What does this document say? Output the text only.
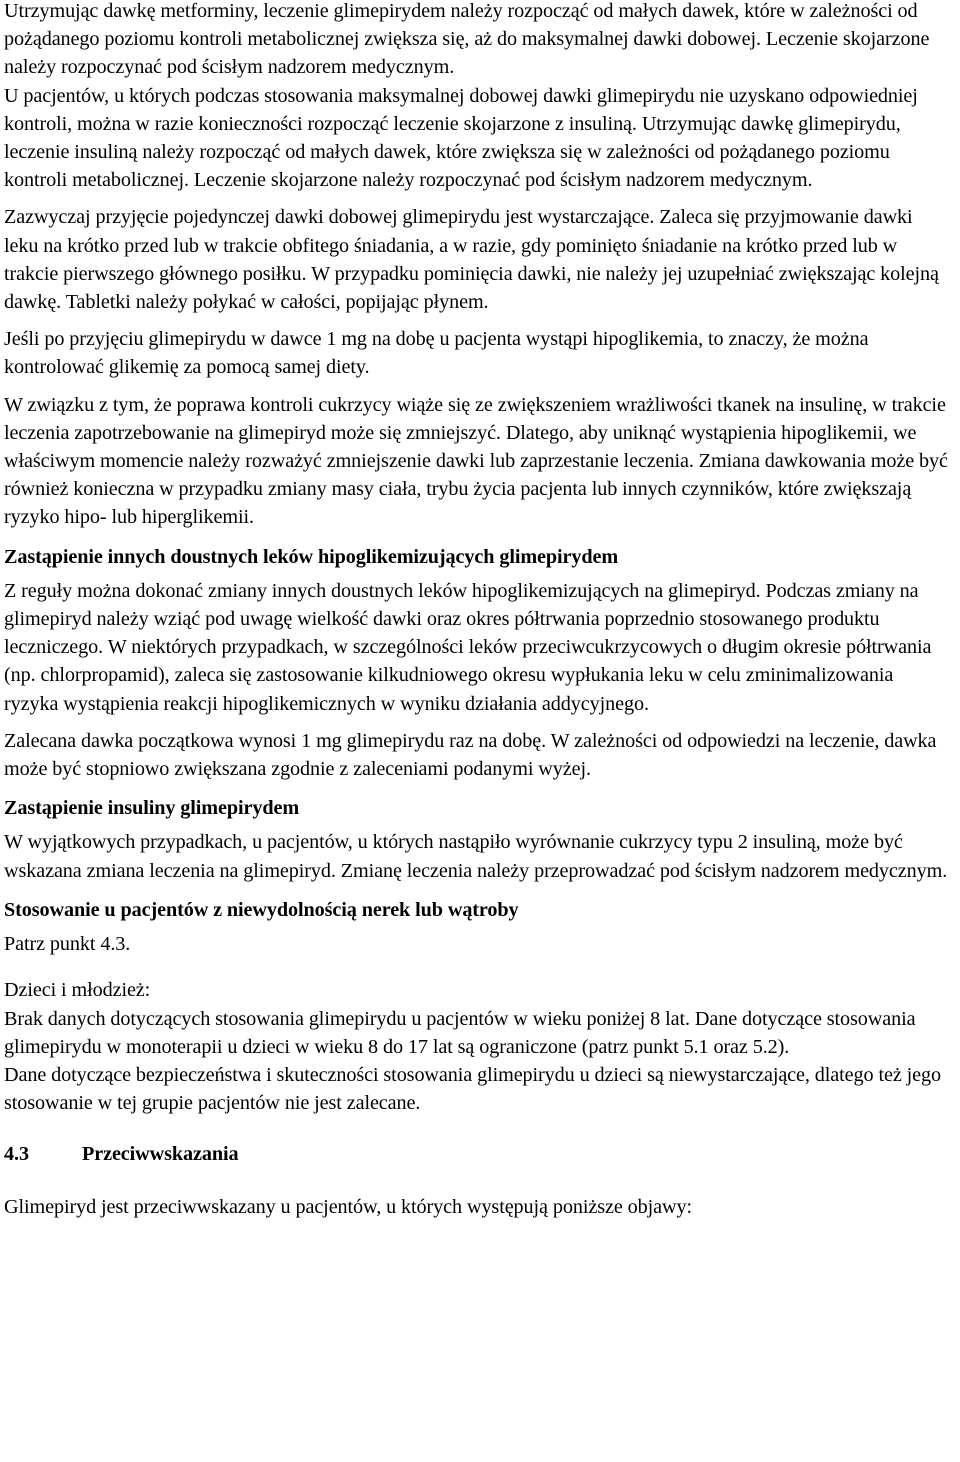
Utrzymując dawkę metforminy, leczenie glimepirydem należy rozpocząć od małych dawek, które w zależności od pożądanego poziomu kontroli metabolicznej zwiększa się, aż do maksymalnej dawki dobowej. Leczenie skojarzone należy rozpoczynać pod ścisłym nadzorem medycznym.

U pacjentów, u których podczas stosowania maksymalnej dobowej dawki glimepirydu nie uzyskano odpowiedniej kontroli, można w razie konieczności rozpocząć leczenie skojarzone z insuliną. Utrzymując dawkę glimepirydu, leczenie insuliną należy rozpocząć od małych dawek, które zwiększa się w zależności od pożądanego poziomu kontroli metabolicznej. Leczenie skojarzone należy rozpoczynać pod ścisłym nadzorem medycznym.

Zazwyczaj przyjęcie pojedynczej dawki dobowej glimepirydu jest wystarczające. Zaleca się przyjmowanie dawki leku na krótko przed lub w trakcie obfitego śniadania, a w razie, gdy pominięto śniadanie na krótko przed lub w trakcie pierwszego głównego posiłku. W przypadku pominięcia dawki, nie należy jej uzupełniać zwiększając kolejną dawkę. Tabletki należy połykać w całości, popijając płynem.

Jeśli po przyjęciu glimepirydu w dawce 1 mg na dobę u pacjenta wystąpi hipoglikemia, to znaczy, że można kontrolować glikemię za pomocą samej diety.

W związku z tym, że poprawa kontroli cukrzycy wiąże się ze zwiększeniem wrażliwości tkanek na insulinę, w trakcie leczenia zapotrzebowanie na glimepiryd może się zmniejszyć. Dlatego, aby uniknąć wystąpienia hipoglikemii, we właściwym momencie należy rozważyć zmniejszenie dawki lub zaprzestanie leczenia. Zmiana dawkowania może być również konieczna w przypadku zmiany masy ciała, trybu życia pacjenta lub innych czynników, które zwiększają ryzyko hipo- lub hiperglikemii.

Zastąpienie innych doustnych leków hipoglikemizujących glimepirydem

Z reguły można dokonać zmiany innych doustnych leków hipoglikemizujących na glimepiryd. Podczas zmiany na glimepiryd należy wziąć pod uwagę wielkość dawki oraz okres półtrwania poprzednio stosowanego produktu leczniczego. W niektórych przypadkach, w szczególności leków przeciwcukrzycowych o długim okresie półtrwania (np. chlorpropamid), zaleca się zastosowanie kilkudniowego okresu wypłukania leku w celu zminimalizowania ryzyka wystąpienia reakcji hipoglikemicznych w wyniku działania addycyjnego.

Zalecana dawka początkowa wynosi 1 mg glimepirydu raz na dobę. W zależności od odpowiedzi na leczenie, dawka może być stopniowo zwiększana zgodnie z zaleceniami podanymi wyżej.

Zastąpienie insuliny glimepirydem

W wyjątkowych przypadkach, u pacjentów, u których nastąpiło wyrównanie cukrzycy typu 2 insuliną, może być wskazana zmiana leczenia na glimepiryd. Zmianę leczenia należy przeprowadzać pod ścisłym nadzorem medycznym.

Stosowanie u pacjentów z niewydolnością nerek lub wątroby

Patrz punkt 4.3.

Dzieci i młodzież:

Brak danych dotyczących stosowania glimepirydu u pacjentów w wieku poniżej 8 lat. Dane dotyczące stosowania glimepirydu w monoterapii u dzieci w wieku 8 do 17 lat są ograniczone (patrz punkt 5.1 oraz 5.2).

Dane dotyczące bezpieczeństwa i skuteczności stosowania glimepirydu u dzieci są niewystarczające, dlatego też jego stosowanie w tej grupie pacjentów nie jest zalecane.

4.3	Przeciwwskazania

Glimepiryd jest przeciwwskazany u pacjentów, u których występują poniższe objawy:
